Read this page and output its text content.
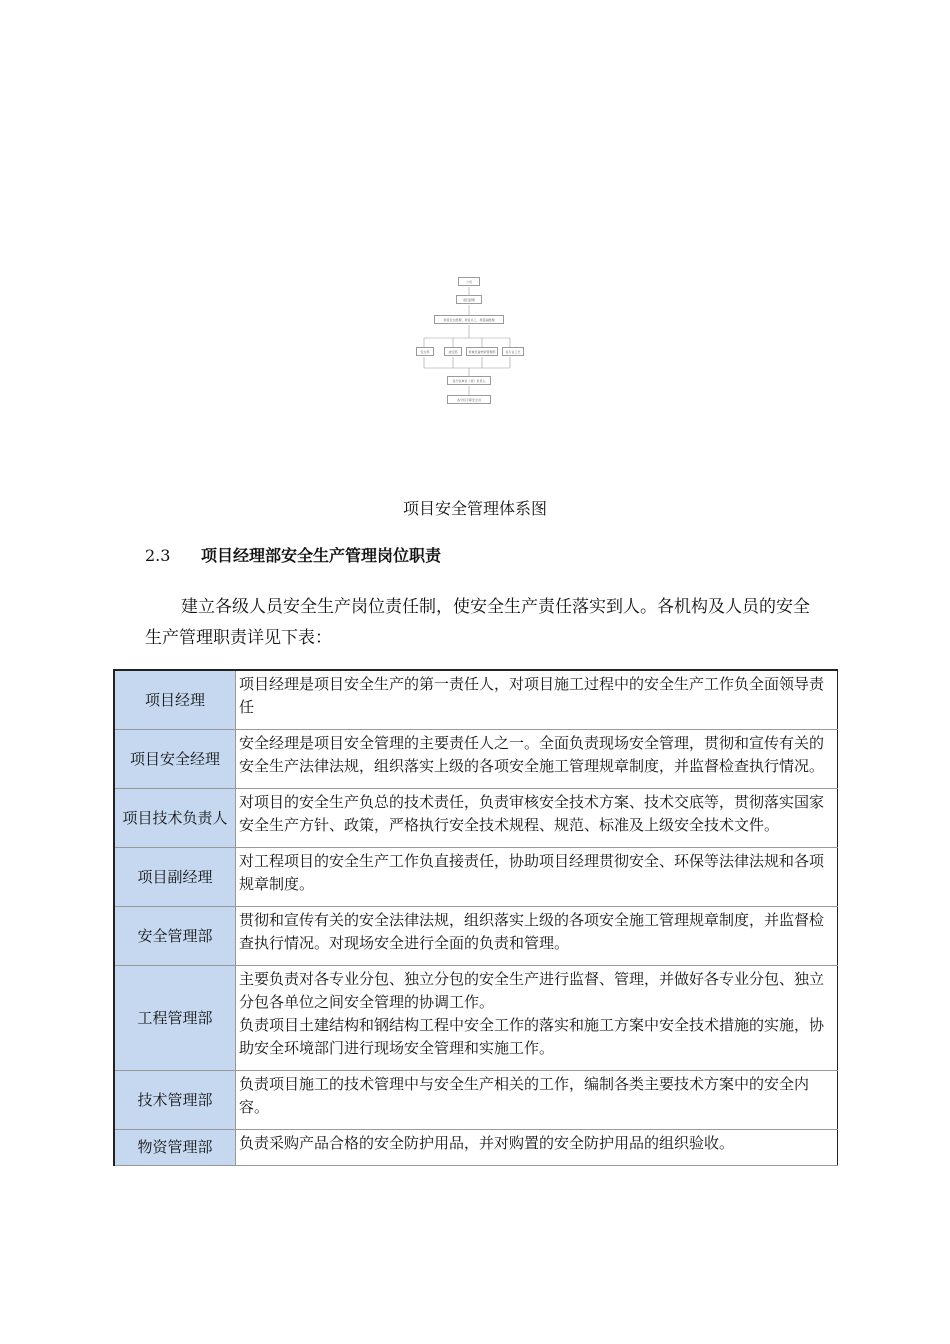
公司
项目经理
项目安全经理、项目总工、项目副经理
安全部	质安部	机械设备物资管理部	各专业工长
各分包单位（商）负责人
各分包专职安全员
项目安全管理体系图
2.3 项目经理部安全生产管理岗位职责

建立各级人员安全生产岗位责任制，使安全生产责任落实到人。各机构及人员的安全生产管理职责详见下表：

项目经理	项目经理是项目安全生产的第一责任人，对项目施工过程中的安全生产工作负全面领导责任

项目安全经理	安全经理是项目安全管理的主要责任人之一。全面负责现场安全管理，贯彻和宣传有关的安全生产法律法规，组织落实上级的各项安全施工管理规章制度，并监督检查执行情况。

项目技术负责人	对项目的安全生产负总的技术责任，负责审核安全技术方案、技术交底等，贯彻落实国家安全生产方针、政策，严格执行安全技术规程、规范、标准及上级安全技术文件。

项目副经理	对工程项目的安全生产工作负直接责任，协助项目经理贯彻安全、环保等法律法规和各项规章制度。

安全管理部	贯彻和宣传有关的安全法律法规，组织落实上级的各项安全施工管理规章制度，并监督检查执行情况。对现场安全进行全面的负责和管理。

工程管理部	主要负责对各专业分包、独立分包的安全生产进行监督、管理，并做好各专业分包、独立分包各单位之间安全管理的协调工作。
负责项目土建结构和钢结构工程中安全工作的落实和施工方案中安全技术措施的实施，协助安全环境部门进行现场安全管理和实施工作。

技术管理部	负责项目施工的技术管理中与安全生产相关的工作，编制各类主要技术方案中的安全内容。

物资管理部	负责采购产品合格的安全防护用品，并对购置的安全防护用品的组织验收。
